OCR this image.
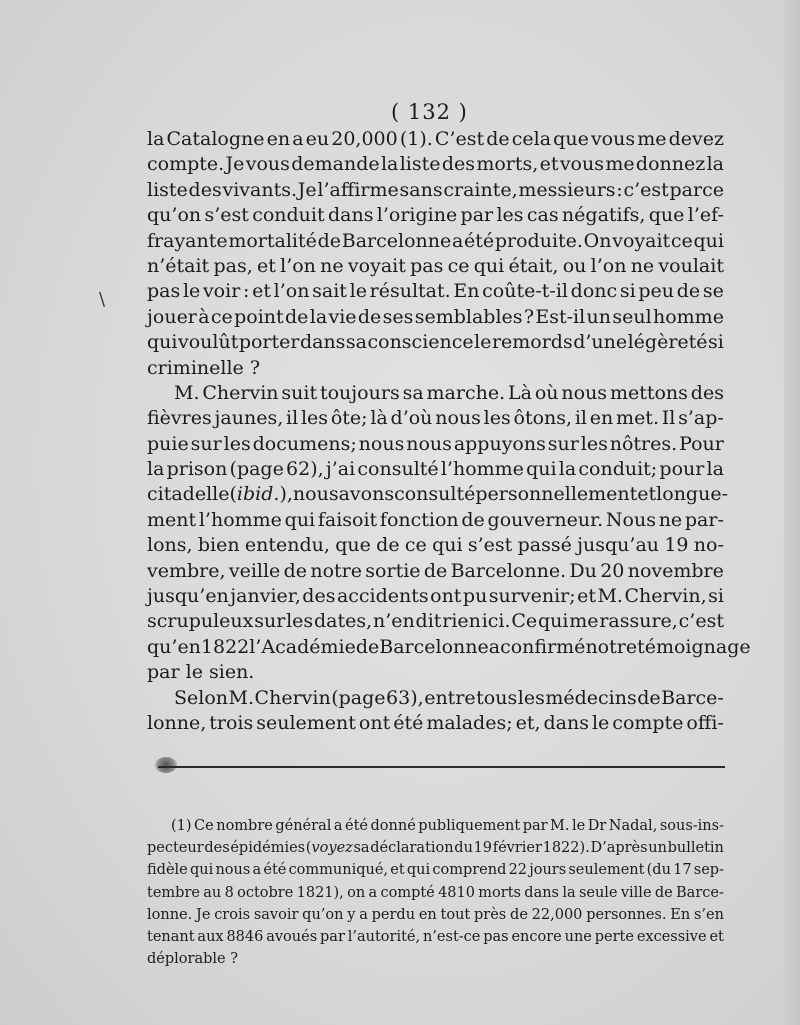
( 132 )
\
la Catalogne en a eu 20,000 (1). C’est de cela que vous me devez
compte. Je vous demande la liste des morts, et vous me donnez la
liste des vivants. Je l’affirme sans crainte, messieurs : c’est parce
qu’on s’est conduit dans l’origine par les cas négatifs, que l’ef-
frayante mortalité de Barcelonne a été produite. On voyait ce qui
n’était pas, et l’on ne voyait pas ce qui était, ou l’on ne voulait
pas le voir : et l’on sait le résultat. En coûte-t-il donc si peu de se
jouer à ce point de la vie de ses semblables ? Est-il un seul homme
qui voulût porter dans sa conscience le remords d’une légèreté si
criminelle ?
M. Chervin suit toujours sa marche. Là où nous mettons des
fièvres jaunes, il les ôte; là d’où nous les ôtons, il en met. Il s’ap-
puie sur les documens; nous nous appuyons sur les nôtres. Pour
la prison (page 62), j’ai consulté l’homme qui la conduit; pour la
citadelle (ibid.), nous avons consulté personnellement et longue-
ment l’homme qui faisoit fonction de gouverneur. Nous ne par-
lons, bien entendu, que de ce qui s’est passé jusqu’au 19 no-
vembre, veille de notre sortie de Barcelonne. Du 20 novembre
jusqu’en janvier, des accidents ont pu survenir; et M. Chervin, si
scrupuleux sur les dates, n’en dit rien ici. Ce qui me rassure, c’est
qu’en 1822 l’Académie de Barcelonne a confirmé notre témoignage
par le sien.
Selon M. Chervin (page 63), entre tous les médecins de Barce-
lonne, trois seulement ont été malades; et, dans le compte offi-
(1) Ce nombre général a été donné publiquement par M. le Dr Nadal, sous-ins-
pecteur des épidémies (voyez sa déclaration du 19 février 1822). D’après un bulletin
fidèle qui nous a été communiqué, et qui comprend 22 jours seulement (du 17 sep-
tembre au 8 octobre 1821), on a compté 4810 morts dans la seule ville de Barce-
lonne. Je crois savoir qu’on y a perdu en tout près de 22,000 personnes. En s’en
tenant aux 8846 avoués par l’autorité, n’est-ce pas encore une perte excessive et
déplorable ?
